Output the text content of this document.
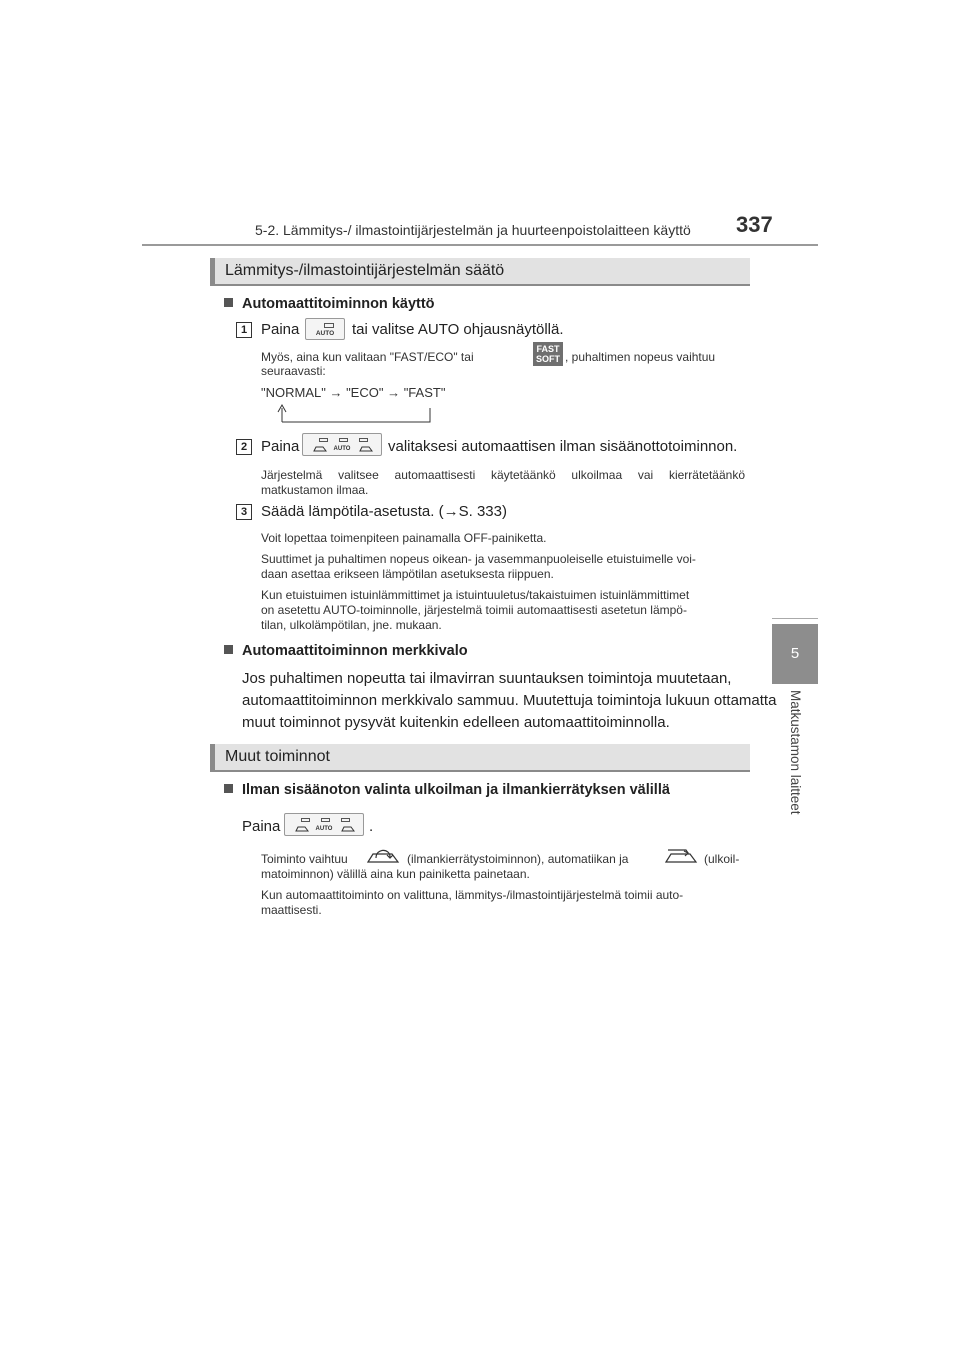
5-2. Lämmitys-/ ilmastointijärjestelmän ja huurteenpoistolaitteen käyttö 337
5
Matkustamon laitteet
Lämmitys-/ilmastointijärjestelmän säätö
Automaattitoiminnon käyttö
1 Paina	AUTO	tai valitse AUTO ohjausnäytöllä.
Myös, aina kun valitaan "FAST/ECO" tai
FAST
SOFT , puhaltimen nopeus vaihtuu
seuraavasti:
"NORMAL" → "ECO" → "FAST"
2 Paina	AUTO	valitaksesi automaattisen ilman sisäänottotoiminnon.
Järjestelmä valitsee automaattisesti käytetäänkö ulkoilmaa vai kierrätetäänkö
matkustamon ilmaa.
3 Säädä lämpötila-asetusta. (→S. 333)
Voit lopettaa toimenpiteen painamalla OFF-painiketta.
Suuttimet ja puhaltimen nopeus oikean- ja vasemmanpuoleiselle etuistuimelle voi-
daan asettaa erikseen lämpötilan asetuksesta riippuen.
Kun etuistuimen istuinlämmittimet ja istuintuuletus/takaistuimen istuinlämmittimet
on asetettu AUTO-toiminnolle, järjestelmä toimii automaattisesti asetetun lämpö-
tilan, ulkolämpötilan, jne. mukaan.
Automaattitoiminnon merkkivalo
Jos puhaltimen nopeutta tai ilmavirran suuntauksen toimintoja muutetaan,
automaattitoiminnon merkkivalo sammuu. Muutettuja toimintoja lukuun ottamatta
muut toiminnot pysyvät kuitenkin edelleen automaattitoiminnolla.
Muut toiminnot
Ilman sisäänoton valinta ulkoilman ja ilmankierrätyksen välillä
Paina	AUTO	.
Toiminto vaihtuu	(ilmankierrätystoiminnon), automatiikan ja	(ulkoil-
matoiminnon) välillä aina kun painiketta painetaan.
Kun automaattitoiminto on valittuna, lämmitys-/ilmastointijärjestelmä toimii auto-
maattisesti.
